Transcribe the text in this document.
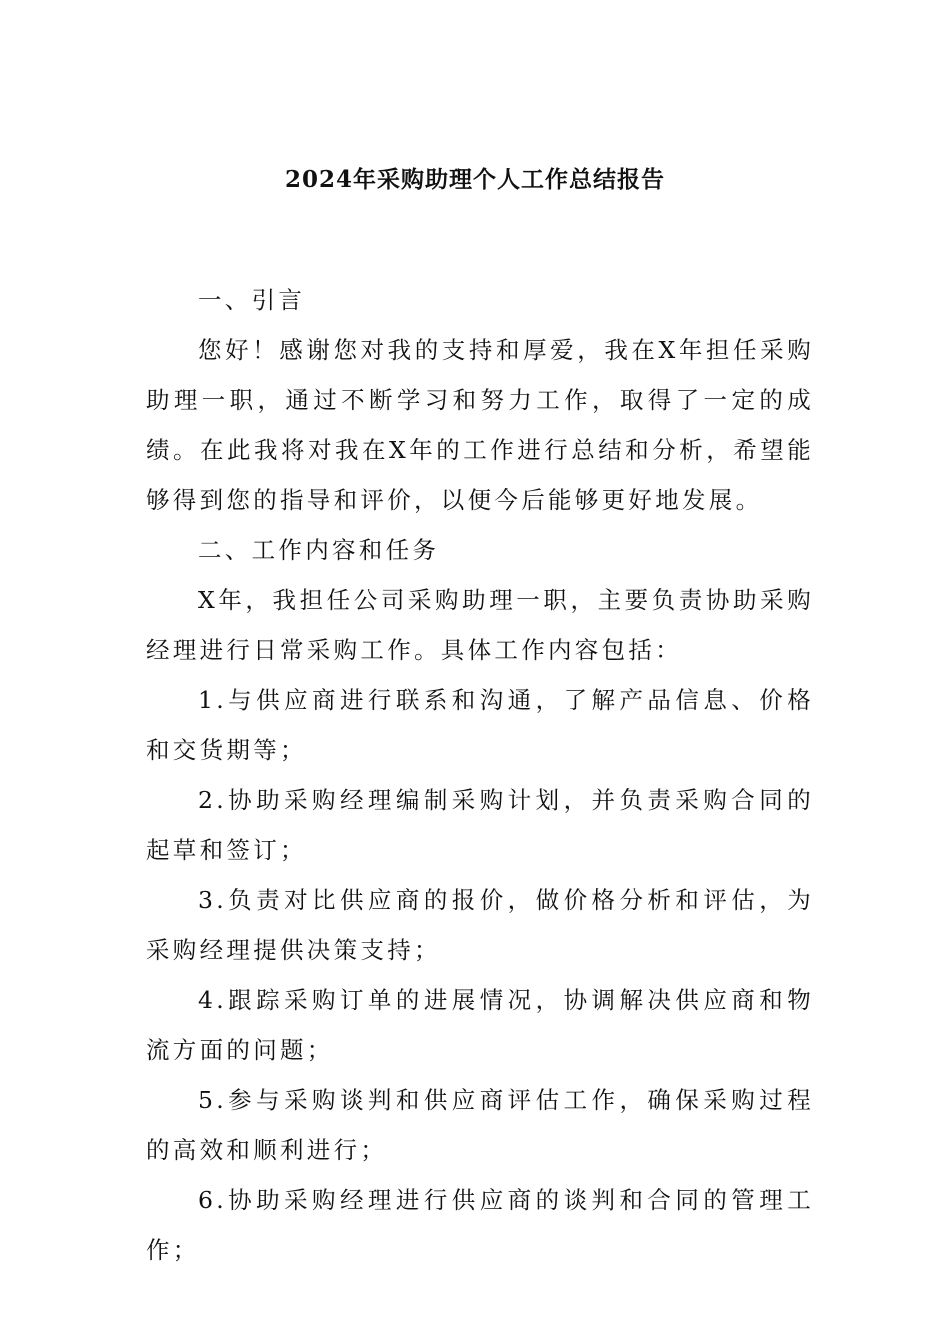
2024年采购助理个人工作总结报告

一、引言

您好！感谢您对我的支持和厚爱，我在X年担任采购助理一职，通过不断学习和努力工作，取得了一定的成绩。在此我将对我在X年的工作进行总结和分析，希望能够得到您的指导和评价，以便今后能够更好地发展。

二、工作内容和任务

X年，我担任公司采购助理一职，主要负责协助采购经理进行日常采购工作。具体工作内容包括：

1.与供应商进行联系和沟通，了解产品信息、价格和交货期等；

2.协助采购经理编制采购计划，并负责采购合同的起草和签订；

3.负责对比供应商的报价，做价格分析和评估，为采购经理提供决策支持；

4.跟踪采购订单的进展情况，协调解决供应商和物流方面的问题；

5.参与采购谈判和供应商评估工作，确保采购过程的高效和顺利进行；

6.协助采购经理进行供应商的谈判和合同的管理工作；
